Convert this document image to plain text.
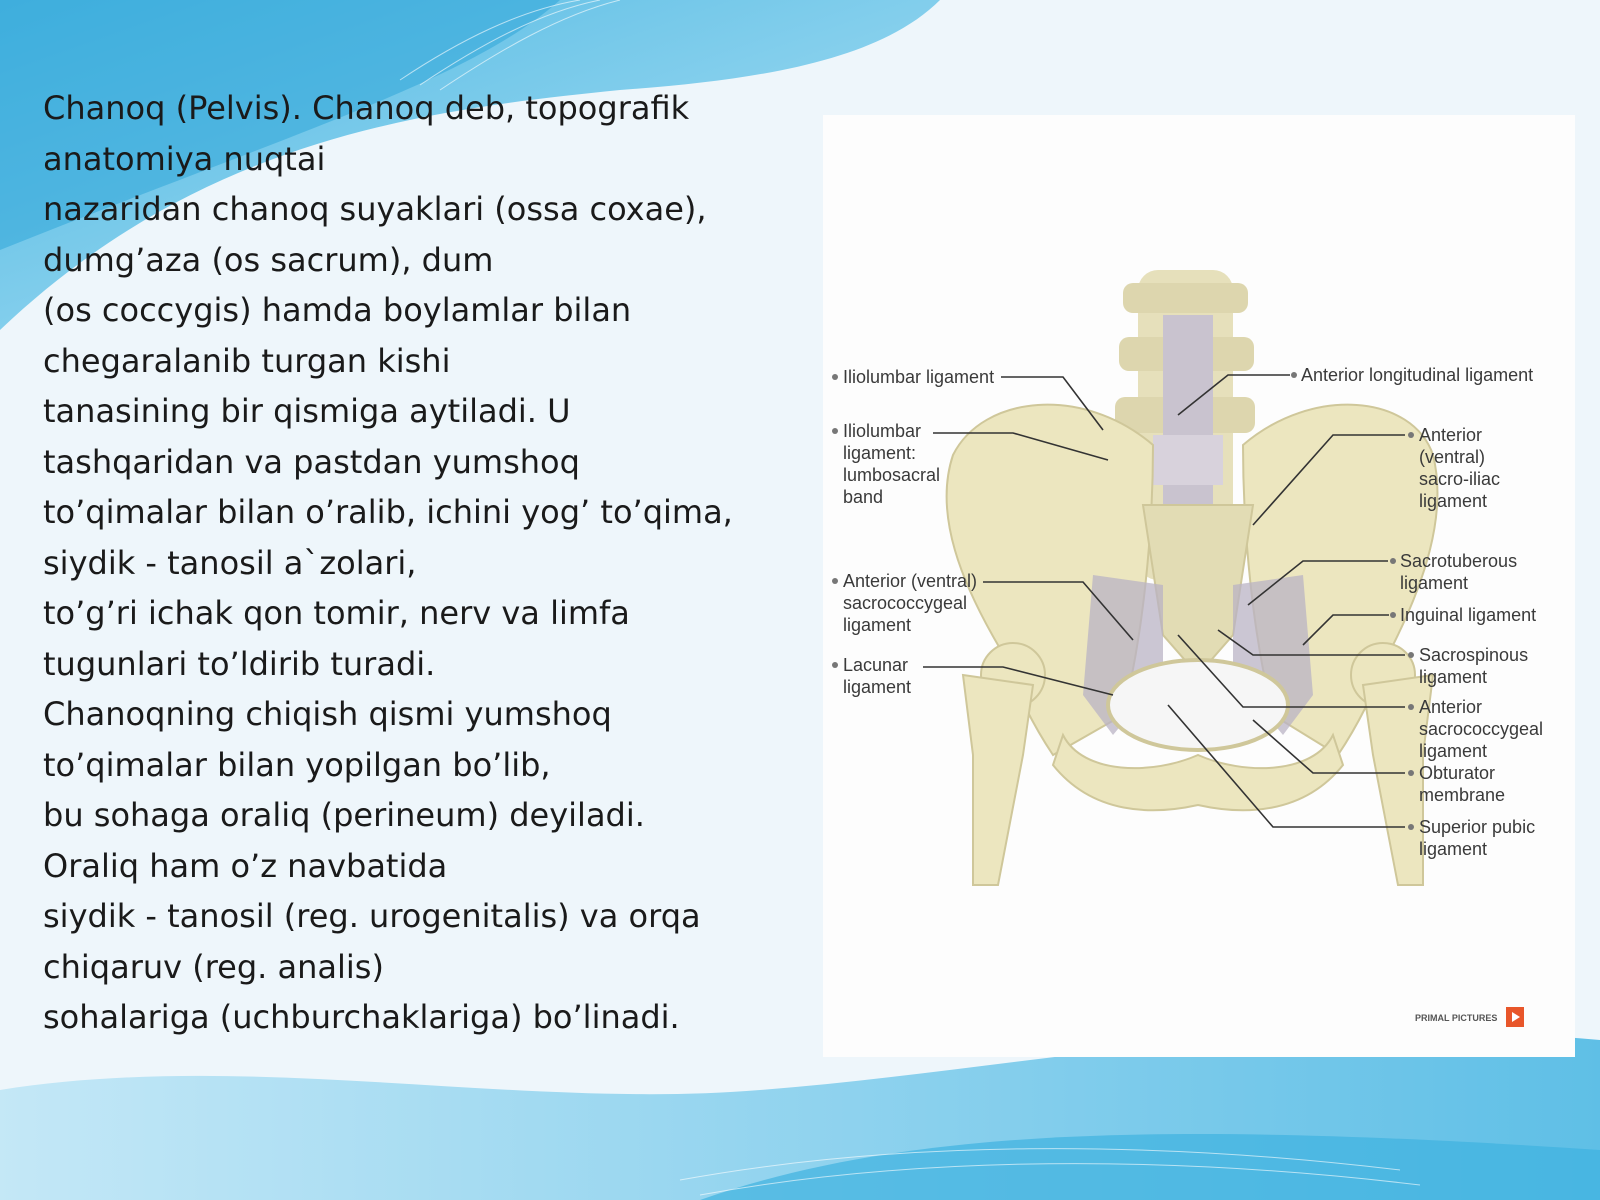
Chanoq (Pelvis). Chanoq deb, topografik
anatomiya nuqtai
nazaridan chanoq suyaklari (ossa coxae),
dumg’aza (os sacrum), dum
(os coccygis) hamda boylamlar bilan
chegaralanib turgan kishi
tanasining bir qismiga aytiladi. U
tashqaridan va pastdan yumshoq
to’qimalar bilan o’ralib, ichini yog’ to’qima,
siydik - tanosil a`zolari,
to’g’ri ichak qon tomir, nerv va limfa
tugunlari to’ldirib turadi.
Chanoqning chiqish qismi yumshoq
to’qimalar bilan yopilgan bo’lib,
bu sohaga oraliq (perineum) deyiladi.
Oraliq ham o’z navbatida
siydik - tanosil (reg. urogenitalis) va orqa
chiqaruv (reg. analis)
sohalariga (uchburchaklariga) bo’linadi.
Iliolumbar ligament
Iliolumbar
ligament:
lumbosacral
band
Anterior (ventral)
sacrococcygeal
ligament
Lacunar
ligament
Anterior longitudinal ligament
Anterior
(ventral)
sacro-iliac
ligament
Sacrotuberous
ligament
Inguinal ligament
Sacrospinous
ligament
Anterior
sacrococcygeal
ligament
Obturator
membrane
Superior pubic
ligament
PRIMAL PICTURES
